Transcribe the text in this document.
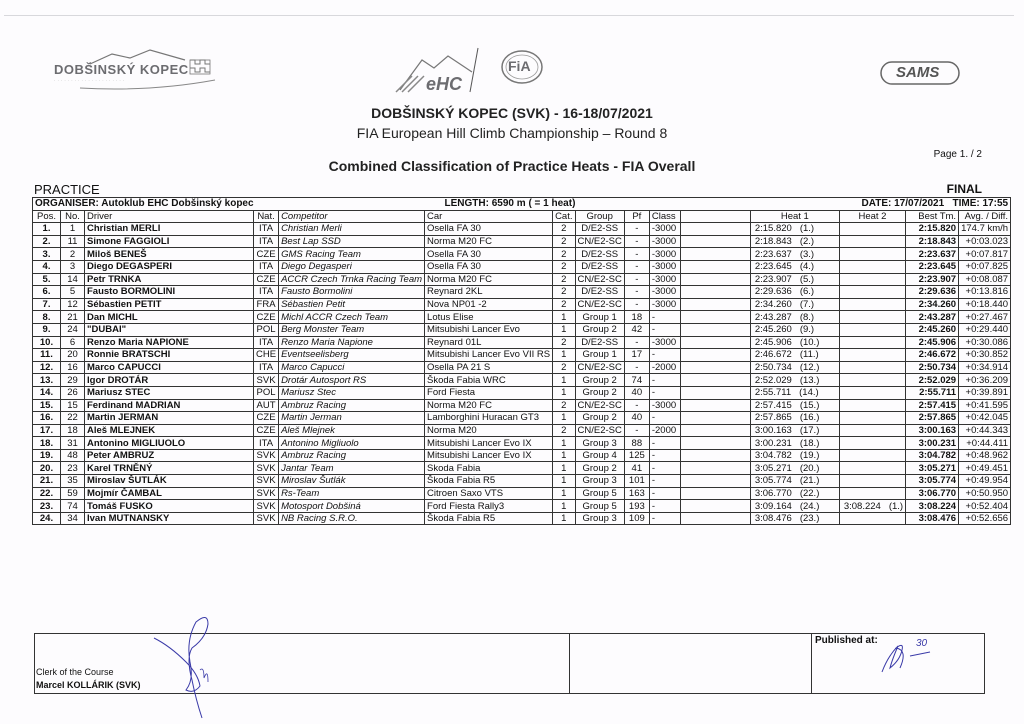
DOBŠINSKÝ KOPEC
· · · · · · · · · · · · · · · · · · · · ·	eHC
FiA	SAMS
DOBŠINSKÝ KOPEC (SVK) - 16-18/07/2021
FIA European Hill Climb Championship – Round 8
Combined Classification of Practice Heats - FIA Overall
Page 1. / 2
PRACTICE	FINAL
ORGANISER: Autoklub EHC Dobšinský kopec					LENGTH: 6590 m ( = 1 heat)					DATE: 17/07/2021 TIME: 17:55				
Pos.	No.	Driver	Nat.	Competitor	Car	Cat.	Group	Pf	Class		Heat 1	Heat 2	Best Tm.	Avg. / Diff.
1.	1	Christian MERLI	ITA	Christian Merli	Osella FA 30	2	D/E2-SS	-	-3000		2:15.820 (1.)		2:15.820	174.7 km/h
2.	11	Simone FAGGIOLI	ITA	Best Lap SSD	Norma M20 FC	2	CN/E2-SC	-	-3000		2:18.843 (2.)		2:18.843	+0:03.023
3.	2	Miloš BENEŠ	CZE	GMS Racing Team	Osella FA 30	2	D/E2-SS	-	-3000		2:23.637 (3.)		2:23.637	+0:07.817
4.	3	Diego DEGASPERI	ITA	Diego Degasperi	Osella FA 30	2	D/E2-SS	-	-3000		2:23.645 (4.)		2:23.645	+0:07.825
5.	14	Petr TRNKA	CZE	ACCR Czech Trnka Racing Team	Norma M20 FC	2	CN/E2-SC	-	-3000		2:23.907 (5.)		2:23.907	+0:08.087
6.	5	Fausto BORMOLINI	ITA	Fausto Bormolini	Reynard 2KL	2	D/E2-SS	-	-3000		2:29.636 (6.)		2:29.636	+0:13.816
7.	12	Sébastien PETIT	FRA	Sébastien Petit	Nova NP01 -2	2	CN/E2-SC	-	-3000		2:34.260 (7.)		2:34.260	+0:18.440
8.	21	Dan MICHL	CZE	Michl ACCR Czech Team	Lotus Elise	1	Group 1	18	-		2:43.287 (8.)		2:43.287	+0:27.467
9.	24	"DUBAI"	POL	Berg Monster Team	Mitsubishi Lancer Evo	1	Group 2	42	-		2:45.260 (9.)		2:45.260	+0:29.440
10.	6	Renzo Maria NAPIONE	ITA	Renzo Maria Napione	Reynard 01L	2	D/E2-SS	-	-3000		2:45.906 (10.)		2:45.906	+0:30.086
11.	20	Ronnie BRATSCHI	CHE	Eventseelisberg	Mitsubishi Lancer Evo VII RS	1	Group 1	17	-		2:46.672 (11.)		2:46.672	+0:30.852
12.	16	Marco CAPUCCI	ITA	Marco Capucci	Osella PA 21 S	2	CN/E2-SC	-	-2000		2:50.734 (12.)		2:50.734	+0:34.914
13.	29	Igor DROTÁR	SVK	Drotár Autosport RS	Škoda Fabia WRC	1	Group 2	74	-		2:52.029 (13.)		2:52.029	+0:36.209
14.	26	Mariusz STEC	POL	Mariusz Stec	Ford Fiesta	1	Group 2	40	-		2:55.711 (14.)		2:55.711	+0:39.891
15.	15	Ferdinand MADRIAN	AUT	Ambruz Racing	Norma M20 FC	2	CN/E2-SC	-	-3000		2:57.415 (15.)		2:57.415	+0:41.595
16.	22	Martin JERMAN	CZE	Martin Jerman	Lamborghini Huracan GT3	1	Group 2	40	-		2:57.865 (16.)		2:57.865	+0:42.045
17.	18	Aleš MLEJNEK	CZE	Aleš Mlejnek	Norma M20	2	CN/E2-SC	-	-2000		3:00.163 (17.)		3:00.163	+0:44.343
18.	31	Antonino MIGLIUOLO	ITA	Antonino Migliuolo	Mitsubishi Lancer Evo IX	1	Group 3	88	-		3:00.231 (18.)		3:00.231	+0:44.411
19.	48	Peter AMBRUZ	SVK	Ambruz Racing	Mitsubishi Lancer Evo IX	1	Group 4	125	-		3:04.782 (19.)		3:04.782	+0:48.962
20.	23	Karel TRNĚNÝ	SVK	Jantar Team	Skoda Fabia	1	Group 2	41	-		3:05.271 (20.)		3:05.271	+0:49.451
21.	35	Miroslav ŠUTLÁK	SVK	Miroslav Šutlák	Škoda Fabia R5	1	Group 3	101	-		3:05.774 (21.)		3:05.774	+0:49.954
22.	59	Mojmír ČAMBAL	SVK	Rs-Team	Citroen Saxo VTS	1	Group 5	163	-		3:06.770 (22.)		3:06.770	+0:50.950
23.	74	Tomáš FUSKO	SVK	Motosport Dobšiná	Ford Fiesta Rally3	1	Group 5	193	-		3:09.164 (24.)	3:08.224 (1.)	3:08.224	+0:52.404
24.	34	Ivan MUTNANSKY	SVK	NB Racing S.R.O.	Škoda Fabia R5	1	Group 3	109	-		3:08.476 (23.)		3:08.476	+0:52.656
Clerk of the Course
Marcel KOLLÁRIK (SVK)
Published at:	30
